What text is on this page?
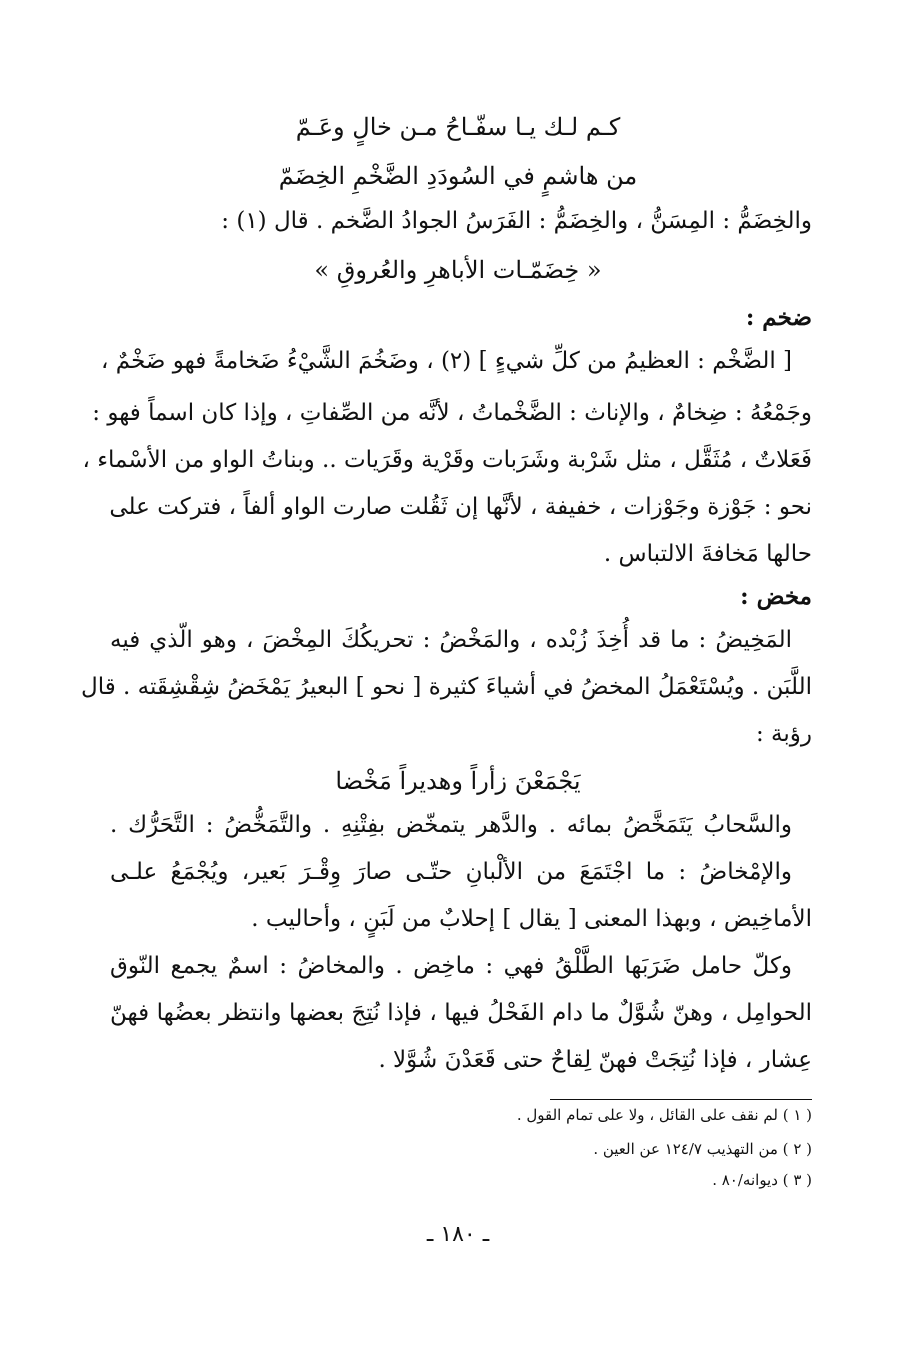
كـم لـك يـا سفّـاحُ مـن خالٍ وعَـمّ
من هاشمٍ في السُودَدِ الضَّخْمِ الخِضَمّ
والخِضَمُّ : المِسَنُّ ، والخِضَمُّ : الفَرَسُ الجوادُ الضَّخم . قال (١) :
« خِضَمّـات الأباهرِ والعُروقِ »
ضخم :
[ الضَّخْم : العظيمُ من كلِّ شيءٍ ] (٢) ، وضَخُمَ الشَّيْءُ ضَخامةً فهو ضَخْمٌ ،
وجَمْعُهُ : ضِخامٌ ، والإناث : الضَّخْماتُ ، لأنَّه من الصِّفاتِ ، وإذا كان اسماً فهو :
فَعَلاتٌ ، مُثَقَّل ، مثل شَرْبة وشَرَبات وقَرْية وقَرَيات .. وبناتُ الواو من الأسْماء ،
نحو : جَوْزة وجَوْزات ، خفيفة ، لأنَّها إن ثَقُلت صارت الواو ألفاً ، فتركت على
حالها مَخافةَ الالتباس .
مخض :
المَخِيضُ : ما قد أُخِذَ زُبْده ، والمَخْضُ : تحريكُكَ المِخْضَ ، وهو الّذي فيه
اللَّبَن . ويُسْتَعْمَلُ المخضُ في أشياءَ كثيرة [ نحو ] البعيرُ يَمْخَضُ شِقْشِقَته . قال
رؤبة :
يَجْمَعْنَ زأراً وهديراً مَخْضا
والسَّحابُ يَتَمَخَّضُ بمائه . والدَّهر يتمخّض بفِتْنِهِ . والتَّمَخُّضُ : التَّحَرُّك .
والإمْخاضُ : ما اجْتَمَعَ من الألْبانِ حتّـى صارَ وِقْـرَ بَعير، ويُجْمَعُ علـى
الأماخِيض ، وبهذا المعنى [ يقال ] إحلابٌ من لَبَنٍ ، وأحاليب .
وكلّ حامل ضَرَبَها الطَّلْقُ فهي : ماخِض . والمخاضُ : اسمٌ يجمع النّوق
الحوامِل ، وهنّ شُوَّلٌ ما دام الفَحْلُ فيها ، فإذا نُتِجَ بعضها وانتظر بعضُها فهنّ
عِشار ، فإذا نُتِجَتْ فهنّ لِقاحٌ حتى قَعَدْنَ شُوَّلا .
( ١ ) لم نقف على القائل ، ولا على تمام القول .
( ٢ ) من التهذيب ١٢٤/٧ عن العين .
( ٣ ) ديوانه/٨٠ .
ـ ١٨٠ ـ
